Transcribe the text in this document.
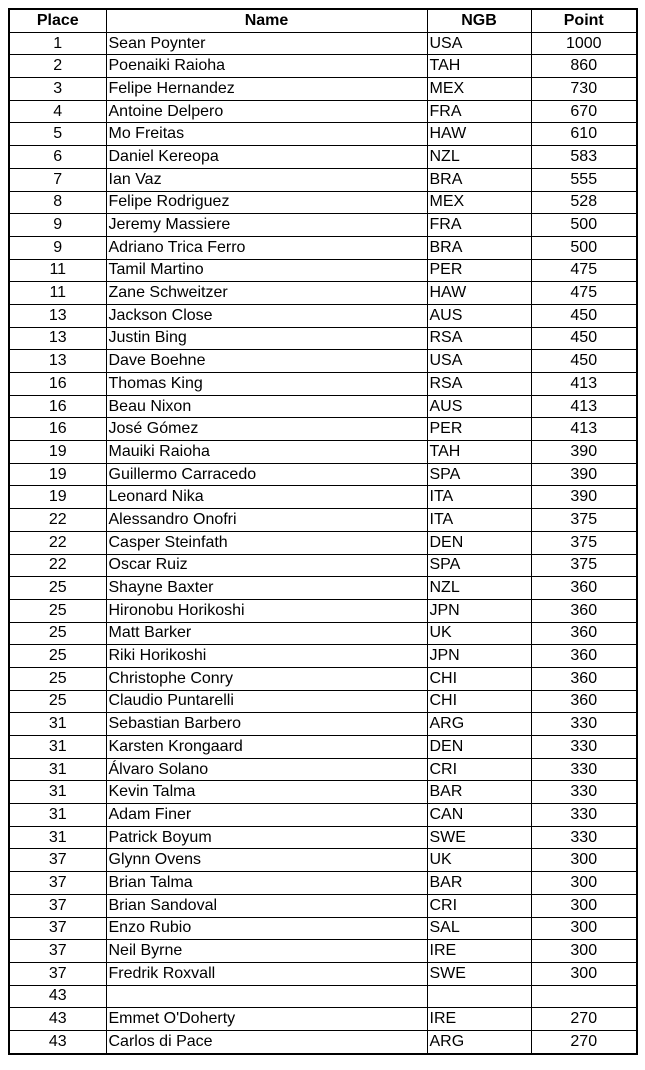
Place	Name	NGB	Point
1	Sean Poynter	USA	1000
2	Poenaiki Raioha	TAH	860
3	Felipe Hernandez	MEX	730
4	Antoine Delpero	FRA	670
5	Mo Freitas	HAW	610
6	Daniel Kereopa	NZL	583
7	Ian Vaz	BRA	555
8	Felipe Rodriguez	MEX	528
9	Jeremy Massiere	FRA	500
9	Adriano Trica Ferro	BRA	500
11	Tamil Martino	PER	475
11	Zane Schweitzer	HAW	475
13	Jackson Close	AUS	450
13	Justin Bing	RSA	450
13	Dave Boehne	USA	450
16	Thomas King	RSA	413
16	Beau Nixon	AUS	413
16	José Gómez	PER	413
19	Mauiki Raioha	TAH	390
19	Guillermo Carracedo	SPA	390
19	Leonard Nika	ITA	390
22	Alessandro Onofri	ITA	375
22	Casper Steinfath	DEN	375
22	Oscar Ruiz	SPA	375
25	Shayne Baxter	NZL	360
25	Hironobu Horikoshi	JPN	360
25	Matt Barker	UK	360
25	Riki Horikoshi	JPN	360
25	Christophe Conry	CHI	360
25	Claudio Puntarelli	CHI	360
31	Sebastian Barbero	ARG	330
31	Karsten Krongaard	DEN	330
31	Álvaro Solano	CRI	330
31	Kevin Talma	BAR	330
31	Adam Finer	CAN	330
31	Patrick Boyum	SWE	330
37	Glynn Ovens	UK	300
37	Brian Talma	BAR	300
37	Brian Sandoval	CRI	300
37	Enzo Rubio	SAL	300
37	Neil Byrne	IRE	300
37	Fredrik Roxvall	SWE	300
43			
43	Emmet O'Doherty	IRE	270
43	Carlos di Pace	ARG	270
